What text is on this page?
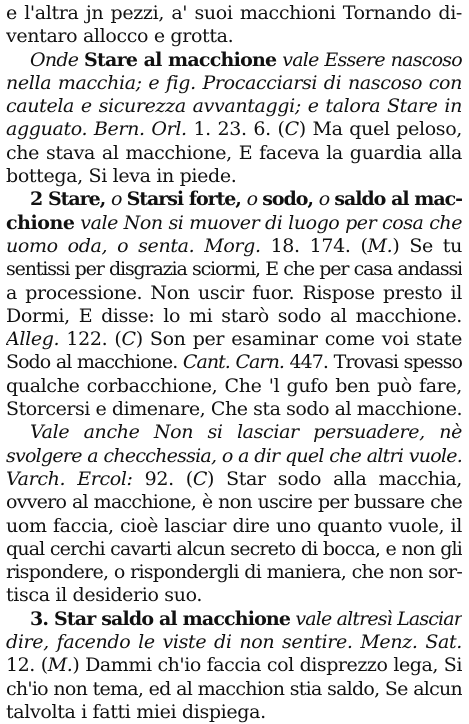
e l'altra jn pezzi, a' suoi macchioni Tornando di-
ventaro allocco e grotta.
Onde Stare al macchione vale Essere nascoso
nella macchia; e fig. Procacciarsi di nascoso con
cautela e sicurezza avvantaggi; e talora Stare in
agguato. Bern. Orl. 1. 23. 6. (C) Ma quel peloso,
che stava al macchione, E faceva la guardia alla
bottega, Si leva in piede.
2 Stare, o Starsi forte, o sodo, o saldo al mac-
chione vale Non si muover di luogo per cosa che
uomo oda, o senta. Morg. 18. 174. (M.) Se tu
sentissi per disgrazia sciormi, E che per casa andassi
a processione. Non uscir fuor. Rispose presto il
Dormi, E disse: lo mi starò sodo al macchione.
Alleg. 122. (C) Son per esaminar come voi state
Sodo al macchione. Cant. Carn. 447. Trovasi spesso
qualche corbacchione, Che 'l gufo ben può fare,
Storcersi e dimenare, Che sta sodo al macchione.
Vale anche Non si lasciar persuadere, nè
svolgere a checchessia, o a dir quel che altri vuole.
Varch. Ercol: 92. (C) Star sodo alla macchia,
ovvero al macchione, è non uscire per bussare che
uom faccia, cioè lasciar dire uno quanto vuole, il
qual cerchi cavarti alcun secreto di bocca, e non gli
rispondere, o rispondergli di maniera, che non sor-
tisca il desiderio suo.
3. Star saldo al macchione vale altresì Lasciar
dire, facendo le viste di non sentire. Menz. Sat.
12. (M.) Dammi ch'io faccia col disprezzo lega, Si
ch'io non tema, ed al macchion stia saldo, Se alcun
talvolta i fatti miei dispiega.
